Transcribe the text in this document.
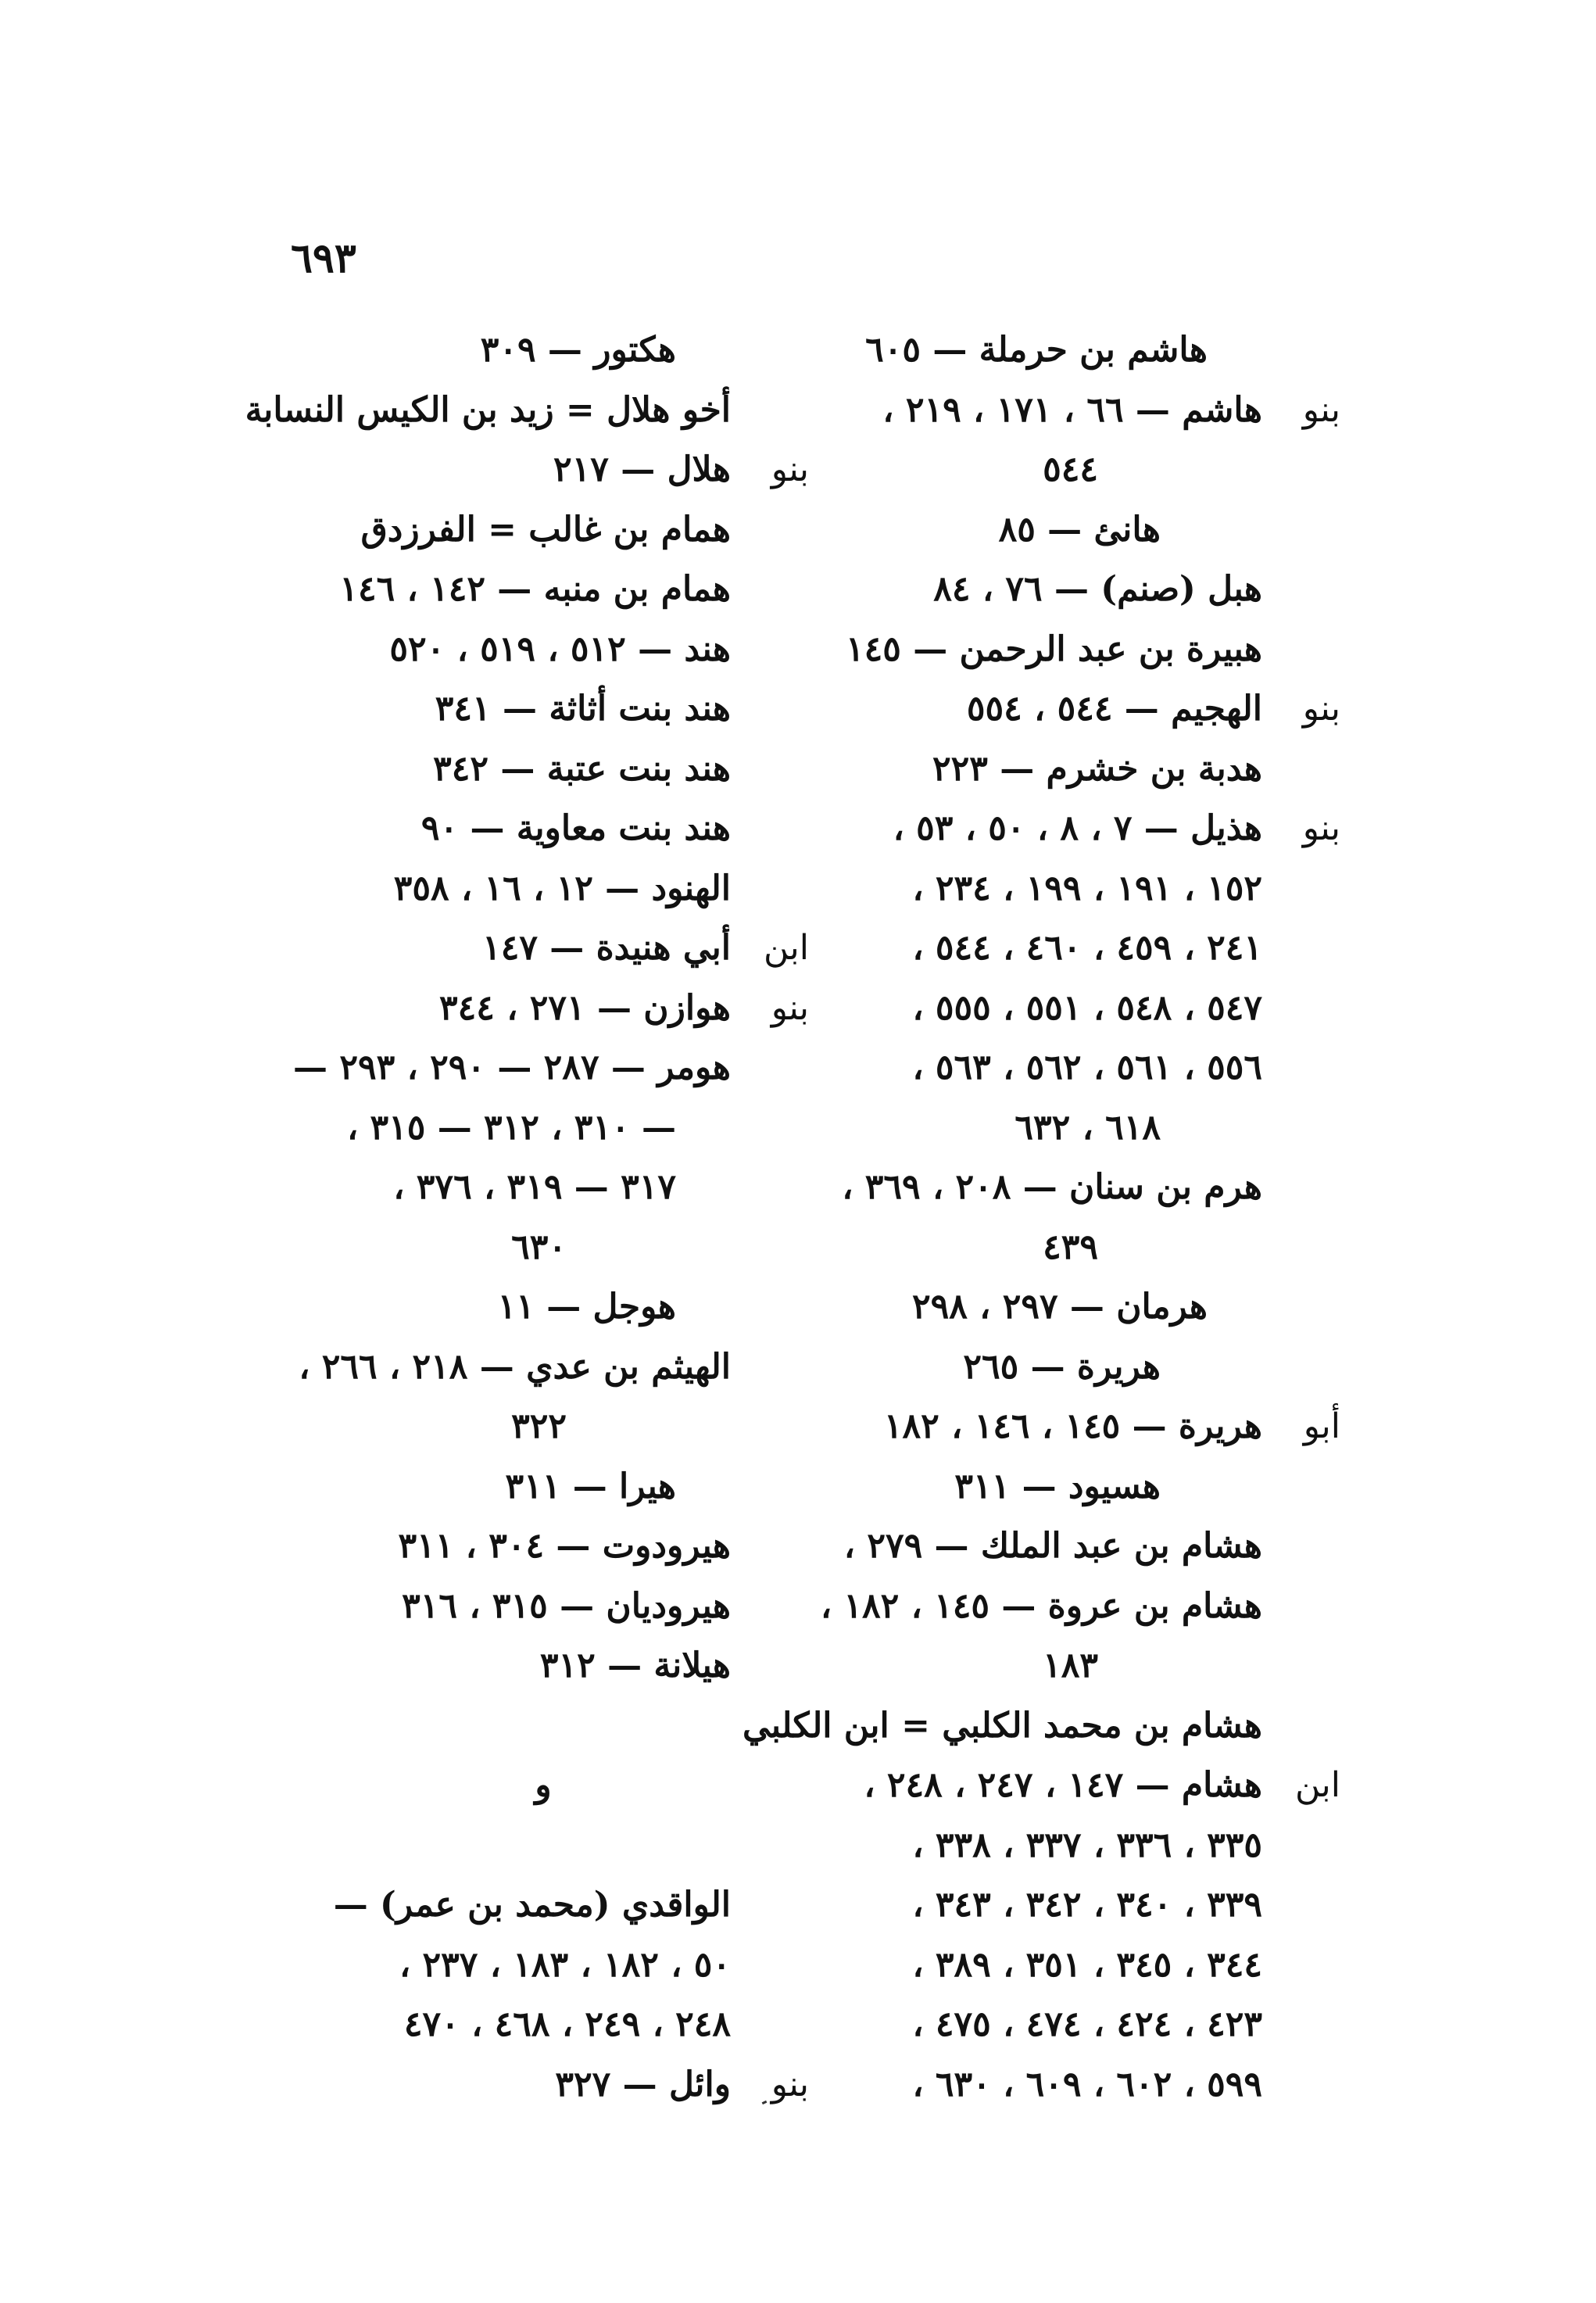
٦٩٣
هاشم بن حرملة — ٦٠٥
بنو
هاشم — ٦٦ ، ١٧١ ، ٢١٩ ،
٥٤٤
هانئ — ٨٥
هبل (صنم) — ٧٦ ، ٨٤
هبيرة بن عبد الرحمن — ١٤٥
بنو
الهجيم — ٥٤٤ ، ٥٥٤
هدبة بن خشرم — ٢٢٣
بنو
هذيل — ٧ ، ٨ ، ٥٠ ، ٥٣ ،
١٥٢ ، ١٩١ ، ١٩٩ ، ٢٣٤ ،
٢٤١ ، ٤٥٩ ، ٤٦٠ ، ٥٤٤ ،
٥٤٧ ، ٥٤٨ ، ٥٥١ ، ٥٥٥ ،
٥٥٦ ، ٥٦١ ، ٥٦٢ ، ٥٦٣ ،
٦١٨ ، ٦٣٢
هرم بن سنان — ٢٠٨ ، ٣٦٩ ،
٤٣٩
هرمان — ٢٩٧ ، ٢٩٨
هريرة — ٢٦٥
أبو
هريرة — ١٤٥ ، ١٤٦ ، ١٨٢
هسيود — ٣١١
هشام بن عبد الملك — ٢٧٩ ،
هشام بن عروة — ١٤٥ ، ١٨٢ ،
١٨٣
هشام بن محمد الكلبي = ابن الكلبي
ابن
هشام — ١٤٧ ، ٢٤٧ ، ٢٤٨ ،
٣٣٥ ، ٣٣٦ ، ٣٣٧ ، ٣٣٨ ،
٣٣٩ ، ٣٤٠ ، ٣٤٢ ، ٣٤٣ ،
٣٤٤ ، ٣٤٥ ، ٣٥١ ، ٣٨٩ ،
٤٢٣ ، ٤٢٤ ، ٤٧٤ ، ٤٧٥ ،
٥٩٩ ، ٦٠٢ ، ٦٠٩ ، ٦٣٠ ،
هكتور — ٣٠٩
أخو هلال = زيد بن الكيس النسابة
بنو
هلال — ٢١٧
همام بن غالب = الفرزدق
همام بن منبه — ١٤٢ ، ١٤٦
هند — ٥١٢ ، ٥١٩ ، ٥٢٠
هند بنت أثاثة — ٣٤١
هند بنت عتبة — ٣٤٢
هند بنت معاوية — ٩٠
الهنود — ١٢ ، ١٦ ، ٣٥٨
ابن
أبي هنيدة — ١٤٧
بنو
هوازن — ٢٧١ ، ٣٤٤
هومر — ٢٨٧ — ٢٩٠ ، ٢٩٣ —
— ٣١٠ ، ٣١٢ — ٣١٥ ،
٣١٧ — ٣١٩ ، ٣٧٦ ،
٦٣٠
هوجل — ١١
الهيثم بن عدي — ٢١٨ ، ٢٦٦ ،
٣٢٢
هيرا — ٣١١
هيرودوت — ٣٠٤ ، ٣١١
هيروديان — ٣١٥ ، ٣١٦
هيلانة — ٣١٢
و
الواقدي (محمد بن عمر) —
٥٠ ، ١٨٢ ، ١٨٣ ، ٢٣٧ ،
٢٤٨ ، ٢٤٩ ، ٤٦٨ ، ٤٧٠
بنو
وائل — ٣٢٧
